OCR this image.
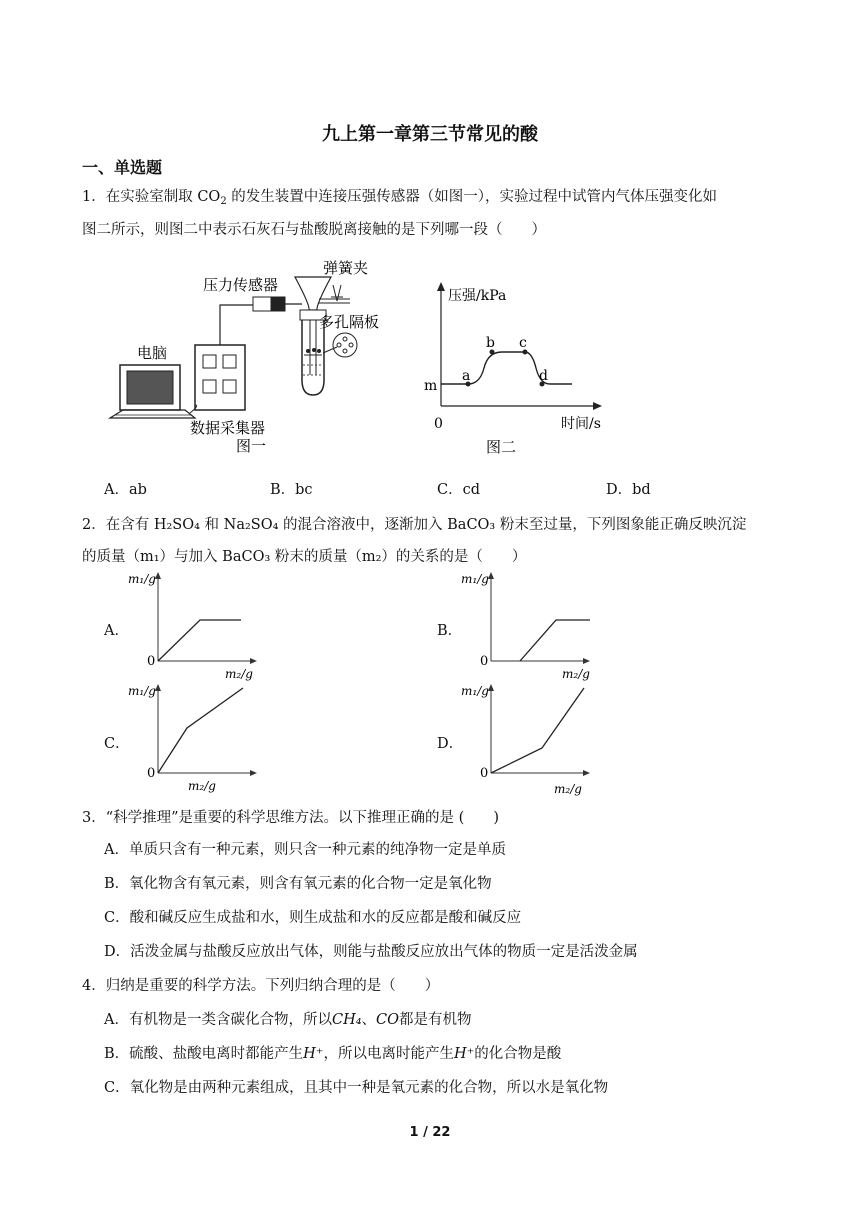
九上第一章第三节常见的酸
一、单选题
1．在实验室制取 $CO_2$ 的发生装置中连接压强传感器（如图一），实验过程中试管内气体压强变化如
图二所示，则图二中表示石灰石与盐酸脱离接触的是下列哪一段（　　）
电脑
压力传感器
弹簧夹
多孔隔板
数据采集器
图一
压强/kPa
时间/s
0
m
a
b c
d
图二
A．ab	B．bc	C．cd	D．bd
2．在含有 H₂SO₄ 和 Na₂SO₄ 的混合溶液中，逐渐加入 BaCO₃ 粉末至过量，下列图象能正确反映沉淀
的质量（m₁）与加入 BaCO₃ 粉末的质量（m₂）的关系的是（　　）
A．	B．
C．	D．
m₁/g
m₂/g
0
m₁/g
m₂/g
0
m₁/g
m₂/g
0
m₁/g
m₂/g
0
3．“科学推理”是重要的科学思维方法。以下推理正确的是 (　　)
A．单质只含有一种元素，则只含一种元素的纯净物一定是单质
B．氧化物含有氧元素，则含有氧元素的化合物一定是氧化物
C．酸和碱反应生成盐和水，则生成盐和水的反应都是酸和碱反应
D．活泼金属与盐酸反应放出气体，则能与盐酸反应放出气体的物质一定是活泼金属
4．归纳是重要的科学方法。下列归纳合理的是（　　）
A．有机物是一类含碳化合物，所以CH₄、CO都是有机物
B．硫酸、盐酸电离时都能产生H⁺，所以电离时能产生H⁺的化合物是酸
C．氧化物是由两种元素组成，且其中一种是氧元素的化合物，所以水是氧化物
1 / 22
